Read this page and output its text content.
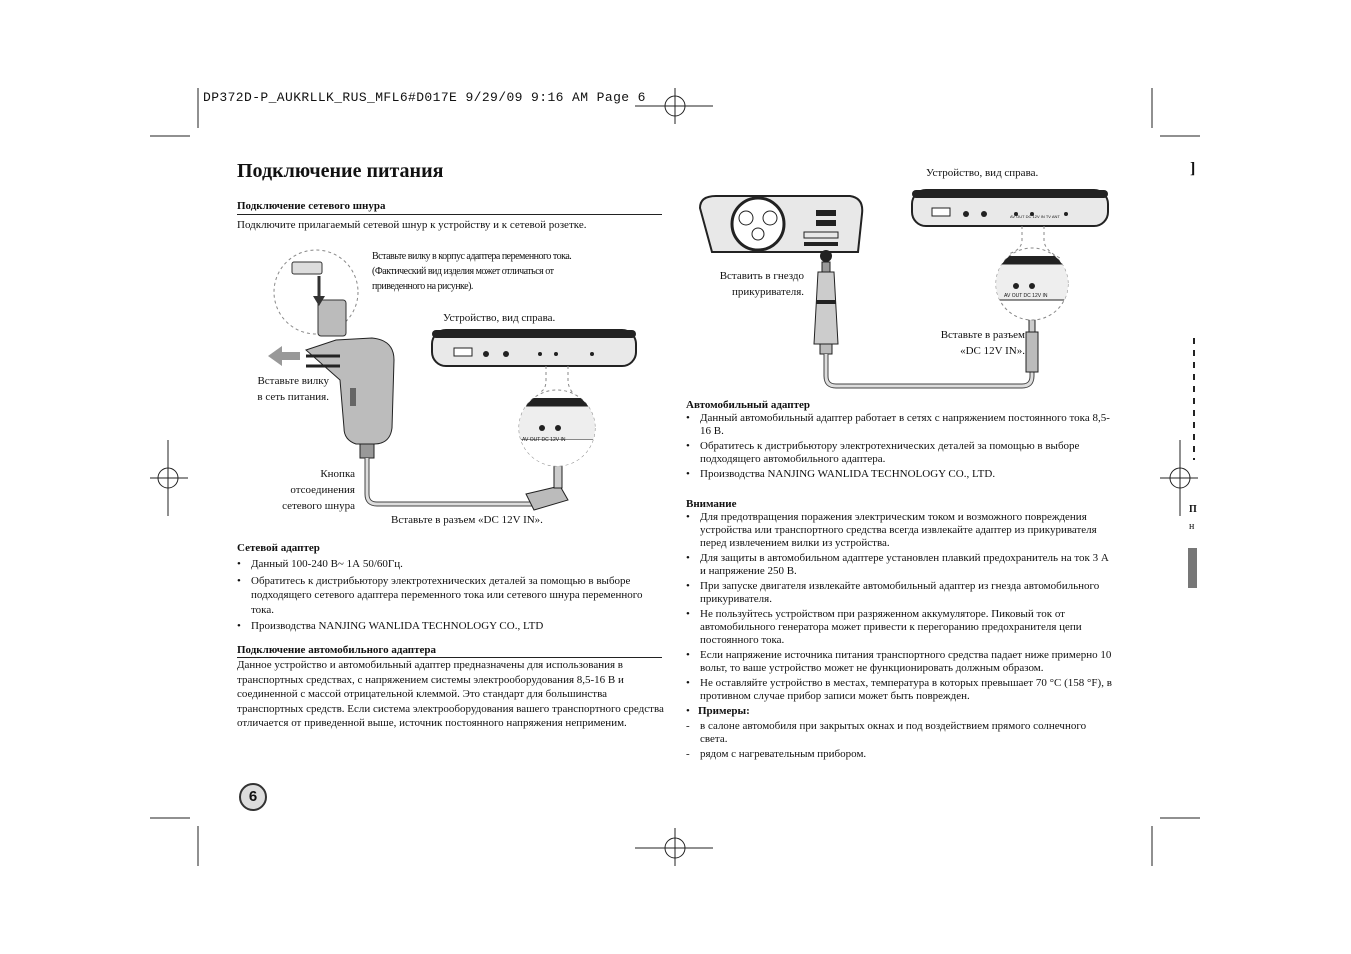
DP372D-P_AUKRLLK_RUS_MFL6#D017E 9/29/09 9:16 AM Page 6
Подключение питания
Подключение сетевого шнура
Подключите прилагаемый сетевой шнур к устройству и к сетевой розетке.
Вставьте вилку в корпус адаптера переменного тока.
(Фактический вид изделия может отличаться от
приведенного на рисунке).
Устройство, вид справа.
Вставьте вилку
в сеть питания.
Кнопка
отсоединения
сетевого шнура
Вставьте в разъем «DC 12V IN».
AV OUT DC 12V IN
Сетевой адаптер
• Данный 100-240 В~ 1А 50/60Гц.
• Обратитесь к дистрибьютору электротехнических деталей за помощью в выборе подходящего сетевого адаптера переменного тока или сетевого шнура переменного тока.
• Производства NANJING WANLIDA TECHNOLOGY CO., LTD
Подключение автомобильного адаптера
Данное устройство и автомобильный адаптер предназначены для использования в транспортных средствах, с напряжением системы электрооборудования 8,5-16 В и соединенной с массой отрицательной клеммой. Это стандарт для большинства транспортных средств. Если система электрооборудования вашего транспортного средства отличается от приведенной выше, источник постоянного напряжения неприменим.
6
Устройство, вид справа.
Вставить в гнездо
прикуривателя.
Вставьте в разъем
«DC 12V IN».
AV OUT DC 12V IN
AV OUT DC 12V IN TV ANT
Автомобильный адаптер
• Данный автомобильный адаптер работает в сетях с напряжением постоянного тока 8,5-16 В.
• Обратитесь к дистрибьютору электротехнических деталей за помощью в выборе подходящего автомобильного адаптера.
• Производства NANJING WANLIDA TECHNOLOGY CO., LTD.
Внимание
• Для предотвращения поражения электрическим током и возможного повреждения устройства или транспортного средства всегда извлекайте адаптер из прикуривателя перед извлечением вилки из устройства.
• Для защиты в автомобильном адаптере установлен плавкий предохранитель на ток 3 А и напряжение 250 В.
• При запуске двигателя извлекайте автомобильный адаптер из гнезда автомобильного прикуривателя.
• Не пользуйтесь устройством при разряженном аккумуляторе. Пиковый ток от автомобильного генератора может привести к перегоранию предохранителя цепи постоянного тока.
• Если напряжение источника питания транспортного средства падает ниже примерно 10 вольт, то ваше устройство может не функционировать должным образом.
• Не оставляйте устройство в местах, температура в которых превышает 70 °C (158 °F), в противном случае прибор записи может быть поврежден.
• Примеры:
- в салоне автомобиля при закрытых окнах и под воздействием прямого солнечного света.
- рядом с нагревательным прибором.
]
П
н
